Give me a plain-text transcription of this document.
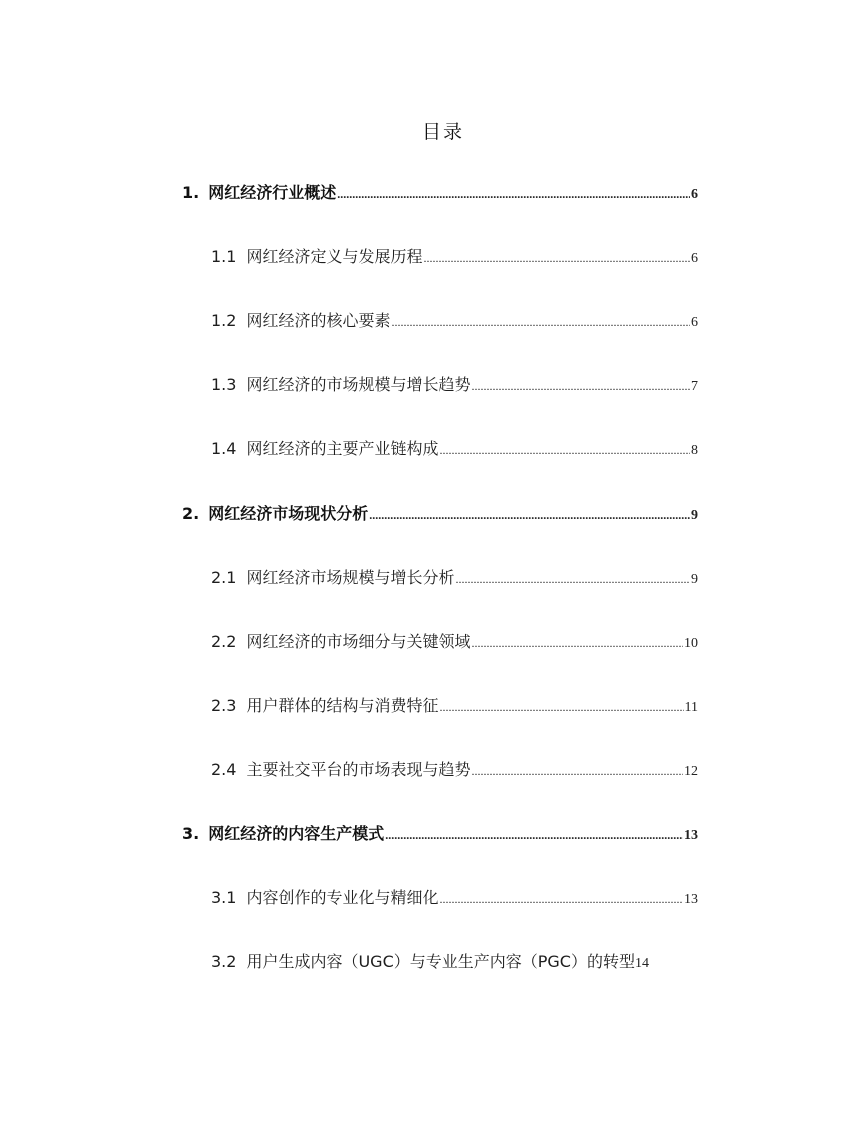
目录
1. 网红经济行业概述 .....	6
1.1 网红经济定义与发展历程 .....	6
1.2 网红经济的核心要素 .....	6
1.3 网红经济的市场规模与增长趋势 .....	7
1.4 网红经济的主要产业链构成 .....	8
2. 网红经济市场现状分析 .....	9
2.1 网红经济市场规模与增长分析 .....	9
2.2 网红经济的市场细分与关键领域 .....	10
2.3 用户群体的结构与消费特征 .....	11
2.4 主要社交平台的市场表现与趋势 .....	12
3. 网红经济的内容生产模式 .....	13
3.1 内容创作的专业化与精细化 .....	13
3.2 用户生成内容（UGC）与专业生产内容（PGC）的转型 14
